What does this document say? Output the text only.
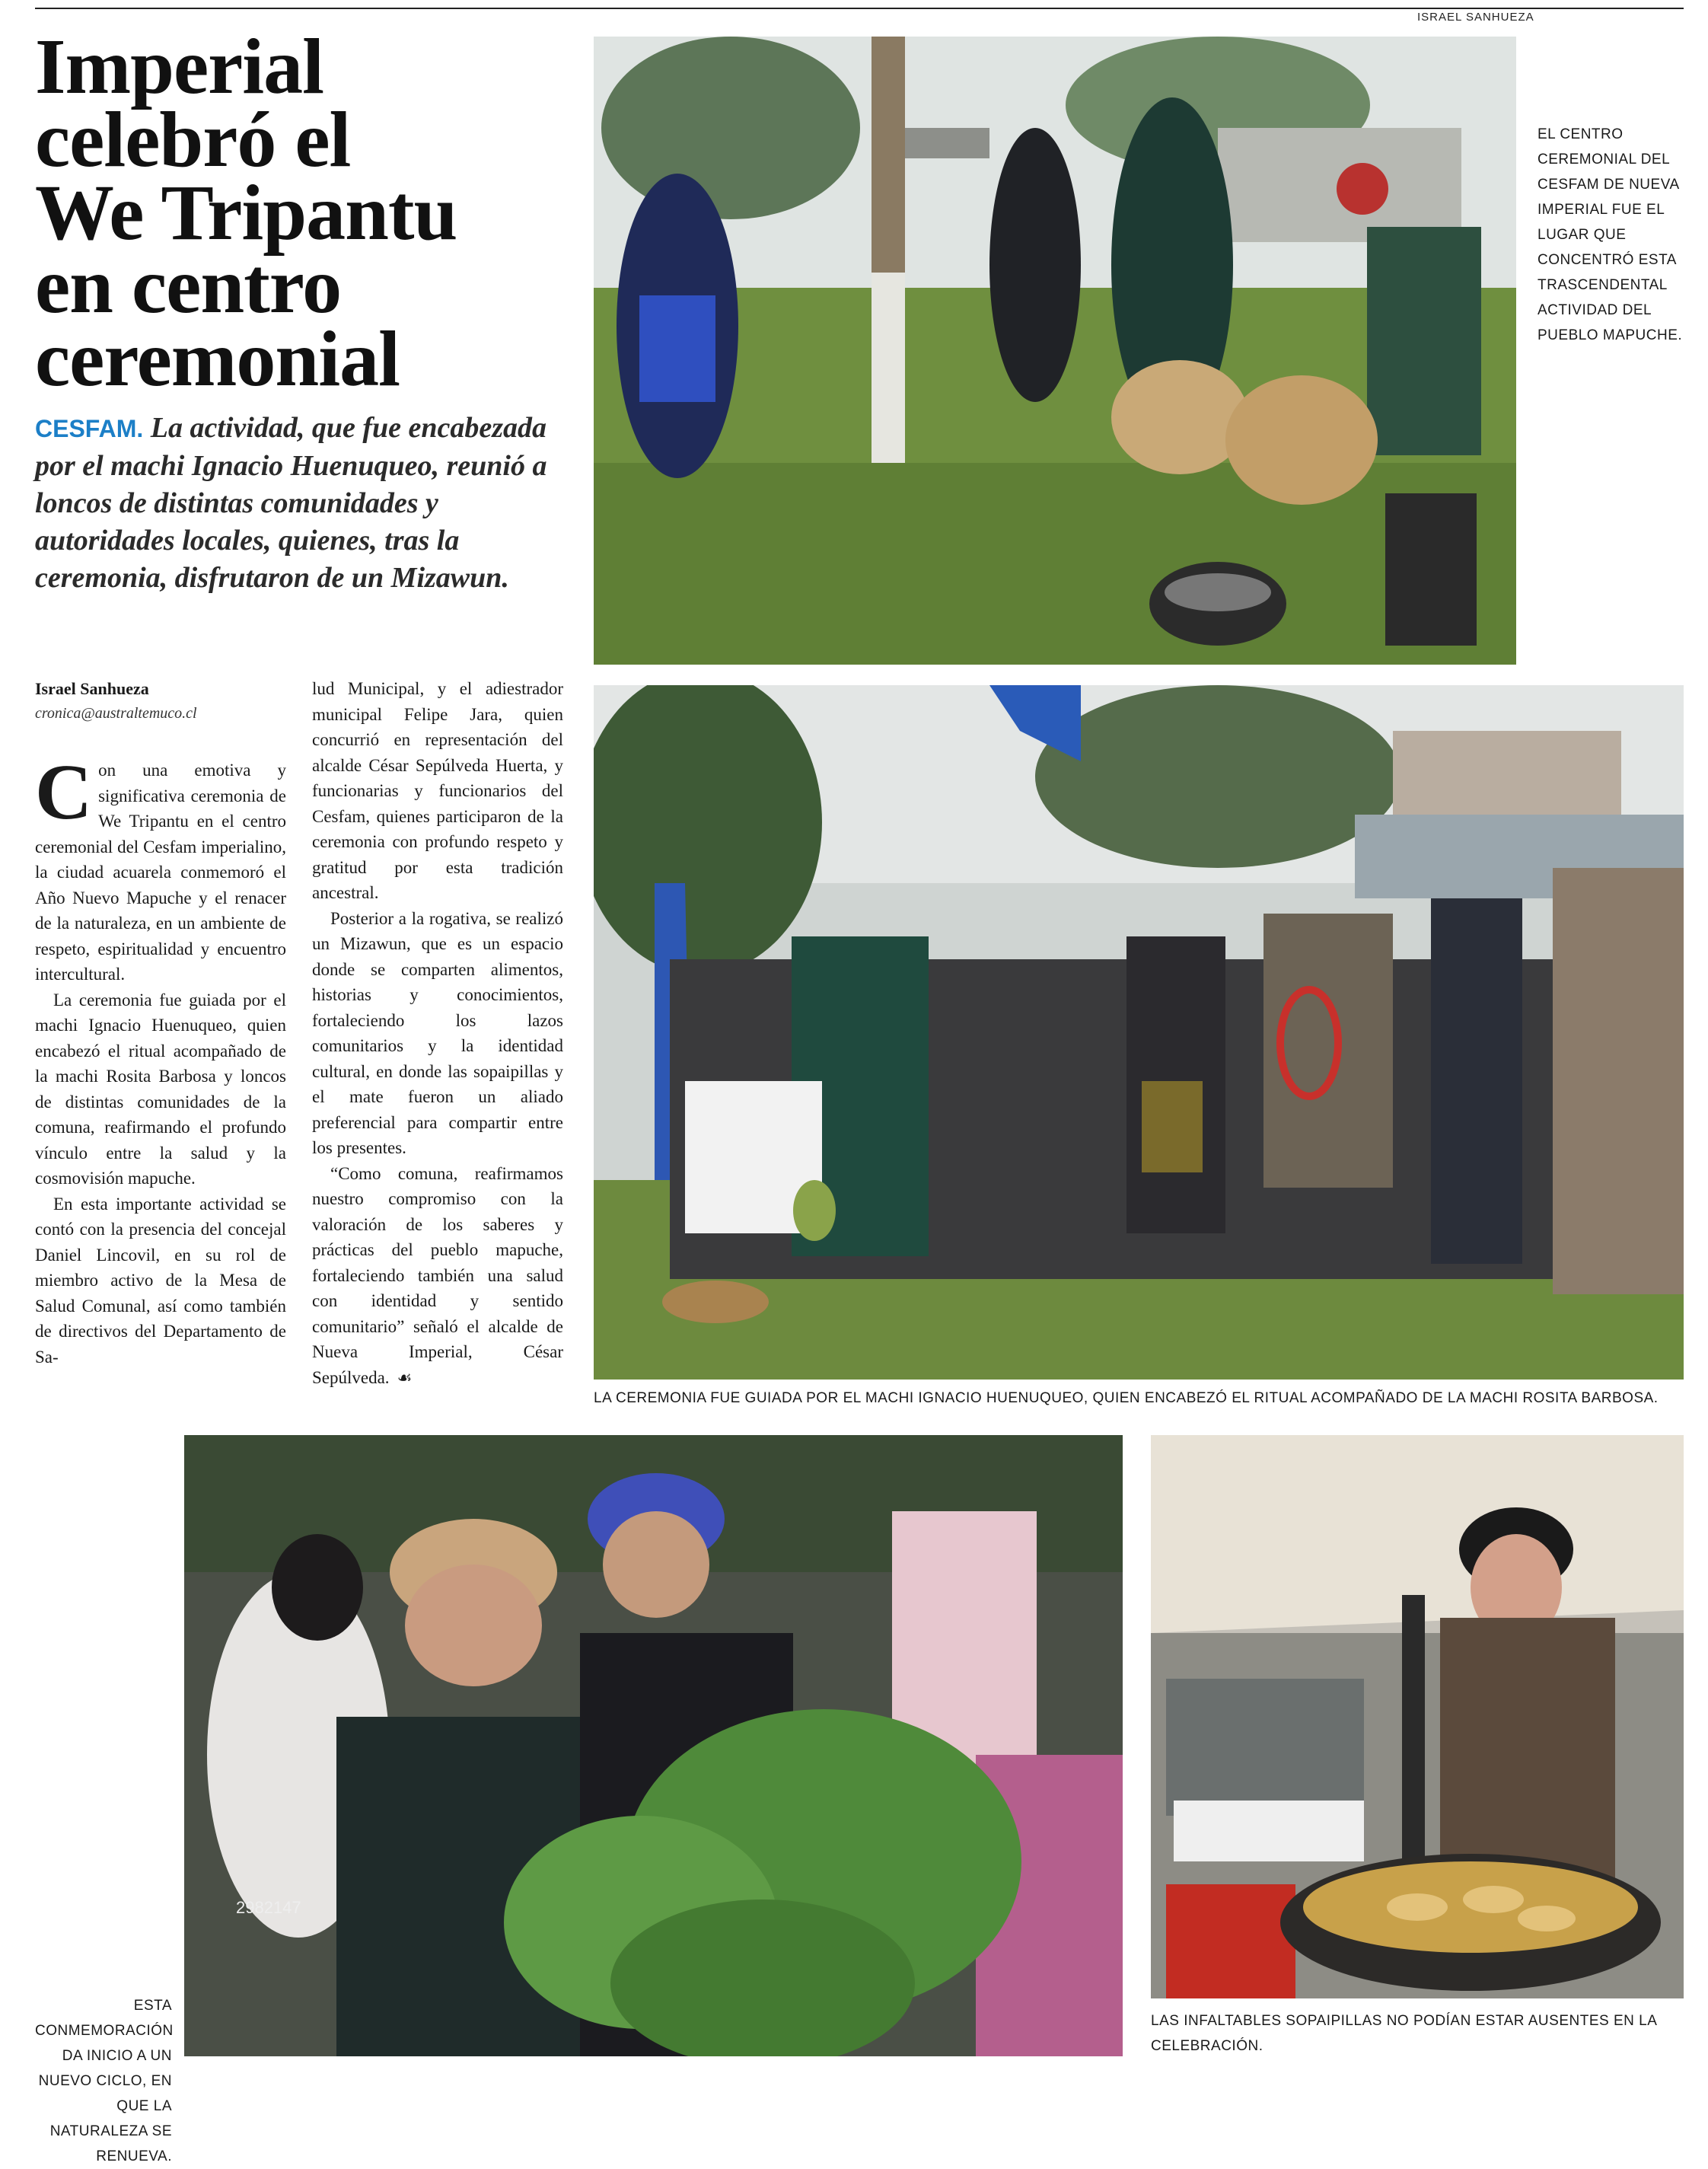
ISRAEL SANHUEZA
Imperial
celebró el
We Tripantu
en centro
ceremonial
CESFAM. La actividad, que fue encabezada por el machi Ignacio Huenuqueo, reunió a loncos de distintas comunidades y autoridades locales, quienes, tras la ceremonia, disfrutaron de un Mizawun.
Israel Sanhueza
cronica@australtemuco.cl

Con una emotiva y significativa ceremonia de We Tripantu en el centro ceremonial del Cesfam imperialino, la ciudad acuarela conmemoró el Año Nuevo Mapuche y el renacer de la naturaleza, en un ambiente de respeto, espiritualidad y encuentro intercultural.

La ceremonia fue guiada por el machi Ignacio Huenuqueo, quien encabezó el ritual acompañado de la machi Rosita Barbosa y loncos de distintas comunidades de la comuna, reafirmando el profundo vínculo entre la salud y la cosmovisión mapuche.

En esta importante actividad se contó con la presencia del concejal Daniel Lincovil, en su rol de miembro activo de la Mesa de Salud Comunal, así como también de directivos del Departamento de Sa-

lud Municipal, y el adiestrador municipal Felipe Jara, quien concurrió en representación del alcalde César Sepúlveda Huerta, y funcionarias y funcionarios del Cesfam, quienes participaron de la ceremonia con profundo respeto y gratitud por esta tradición ancestral.

Posterior a la rogativa, se realizó un Mizawun, que es un espacio donde se comparten alimentos, historias y conocimientos, fortaleciendo los lazos comunitarios y la identidad cultural, en donde las sopaipillas y el mate fueron un aliado preferencial para compartir entre los presentes.

“Como comuna, reafirmamos nuestro compromiso con la valoración de los saberes y prácticas del pueblo mapuche, fortaleciendo también una salud con identidad y sentido comunitario” señaló el alcalde de Nueva Imperial, César Sepúlveda. ☙

EL CENTRO CEREMONIAL DEL CESFAM DE NUEVA IMPERIAL FUE EL LUGAR QUE CONCENTRÓ ESTA TRASCENDENTAL ACTIVIDAD DEL PUEBLO MAPUCHE.
LA CEREMONIA FUE GUIADA POR EL MACHI IGNACIO HUENUQUEO, QUIEN ENCABEZÓ EL RITUAL ACOMPAÑADO DE LA MACHI ROSITA BARBOSA.
2982147
ESTA CONMEMORACIÓN DA INICIO A UN NUEVO CICLO, EN QUE LA NATURALEZA SE RENUEVA.
LAS INFALTABLES SOPAIPILLAS NO PODÍAN ESTAR AUSENTES EN LA CELEBRACIÓN.
